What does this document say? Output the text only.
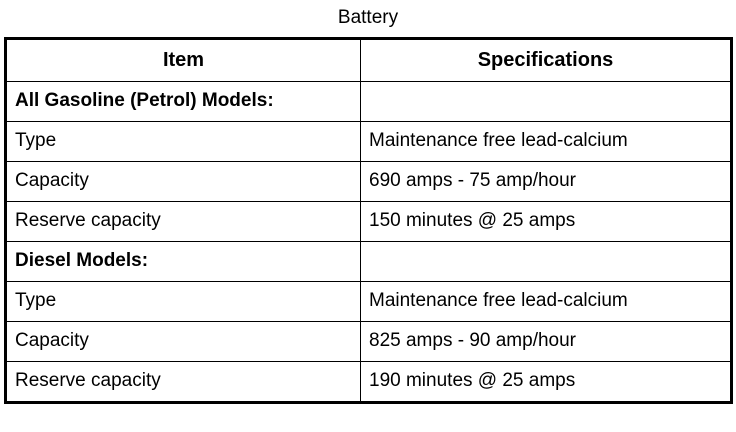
Battery
Item	Specifications
All Gasoline (Petrol) Models:	
Type	Maintenance free lead-calcium
Capacity	690 amps - 75 amp/hour
Reserve capacity	150 minutes @ 25 amps
Diesel Models:	
Type	Maintenance free lead-calcium
Capacity	825 amps - 90 amp/hour
Reserve capacity	190 minutes @ 25 amps
